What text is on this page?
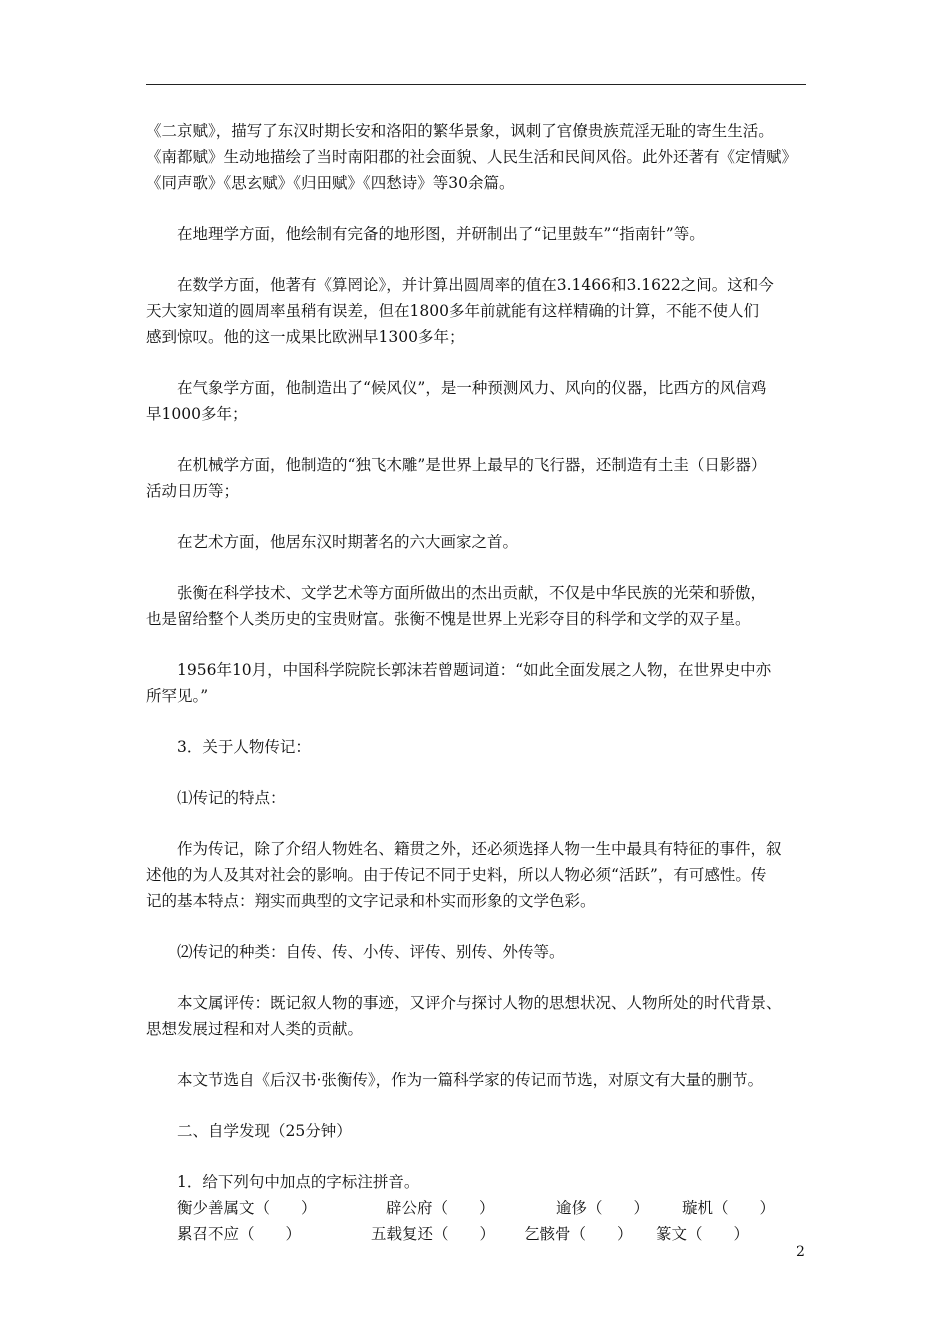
《二京赋》，描写了东汉时期长安和洛阳的繁华景象，讽刺了官僚贵族荒淫无耻的寄生生活。
《南都赋》生动地描绘了当时南阳郡的社会面貌、人民生活和民间风俗。此外还著有《定情赋》
《同声歌》《思玄赋》《归田赋》《四愁诗》等30余篇。
在地理学方面，他绘制有完备的地形图，并研制出了“记里鼓车”“指南针”等。
在数学方面，他著有《算罔论》，并计算出圆周率的值在3.1466和3.1622之间。这和今
天大家知道的圆周率虽稍有误差，但在1800多年前就能有这样精确的计算，不能不使人们
感到惊叹。他的这一成果比欧洲早1300多年；
在气象学方面，他制造出了“候风仪”，是一种预测风力、风向的仪器，比西方的风信鸡
早1000多年；
在机械学方面，他制造的“独飞木雕”是世界上最早的飞行器，还制造有土圭（日影器）
活动日历等；
在艺术方面，他居东汉时期著名的六大画家之首。
张衡在科学技术、文学艺术等方面所做出的杰出贡献，不仅是中华民族的光荣和骄傲，
也是留给整个人类历史的宝贵财富。张衡不愧是世界上光彩夺目的科学和文学的双子星。
1956年10月，中国科学院院长郭沫若曾题词道：“如此全面发展之人物，在世界史中亦
所罕见。”
3．关于人物传记：
⑴传记的特点：
作为传记，除了介绍人物姓名、籍贯之外，还必须选择人物一生中最具有特征的事件，叙
述他的为人及其对社会的影响。由于传记不同于史料，所以人物必须“活跃”，有可感性。传
记的基本特点：翔实而典型的文字记录和朴实而形象的文学色彩。
⑵传记的种类：自传、传、小传、评传、别传、外传等。
本文属评传：既记叙人物的事迹，又评介与探讨人物的思想状况、人物所处的时代背景、
思想发展过程和对人类的贡献。
本文节选自《后汉书·张衡传》，作为一篇科学家的传记而节选，对原文有大量的删节。
二、自学发现（25分钟）
1．给下列句中加点的字标注拼音。
衡少善属文（　　）	辟公府（　　）	逾侈（　　） 璇机（　　）
累召不应（　　）	五载复还（　　） 乞骸骨（　　） 篆文（　　）
2
